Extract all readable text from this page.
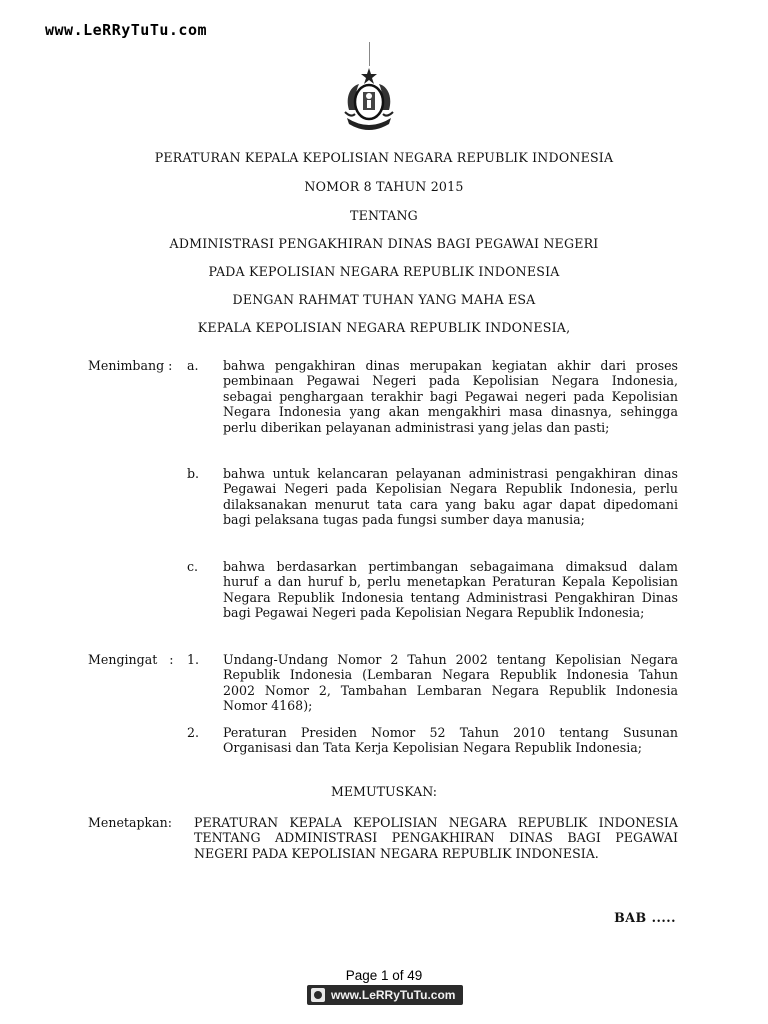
www.LeRRyTuTu.com
PERATURAN KEPALA KEPOLISIAN NEGARA REPUBLIK INDONESIA
NOMOR 8 TAHUN 2015
TENTANG
ADMINISTRASI PENGAKHIRAN DINAS BAGI PEGAWAI NEGERI
PADA KEPOLISIAN NEGARA REPUBLIK INDONESIA
DENGAN RAHMAT TUHAN YANG MAHA ESA
KEPALA KEPOLISIAN NEGARA REPUBLIK INDONESIA,
Menimbang : a. bahwa pengakhiran dinas merupakan kegiatan akhir dari proses pembinaan Pegawai Negeri pada Kepolisian Negara Indonesia, sebagai penghargaan terakhir bagi Pegawai negeri pada Kepolisian Negara Indonesia yang akan mengakhiri masa dinasnya, sehingga perlu diberikan pelayanan administrasi yang jelas dan pasti;
b. bahwa untuk kelancaran pelayanan administrasi pengakhiran dinas Pegawai Negeri pada Kepolisian Negara Republik Indonesia, perlu dilaksanakan menurut tata cara yang baku agar dapat dipedomani bagi pelaksana tugas pada fungsi sumber daya manusia;
c. bahwa berdasarkan pertimbangan sebagaimana dimaksud dalam huruf a dan huruf b, perlu menetapkan Peraturan Kepala Kepolisian Negara Republik Indonesia tentang Administrasi Pengakhiran Dinas bagi Pegawai Negeri pada Kepolisian Negara Republik Indonesia;
Mengingat   : 1. Undang-Undang Nomor 2 Tahun 2002 tentang Kepolisian Negara Republik Indonesia (Lembaran Negara Republik Indonesia Tahun 2002 Nomor 2, Tambahan Lembaran Negara Republik Indonesia Nomor 4168);
2. Peraturan Presiden Nomor 52 Tahun 2010 tentang Susunan Organisasi dan Tata Kerja Kepolisian Negara Republik Indonesia;
MEMUTUSKAN:
Menetapkan: PERATURAN KEPALA KEPOLISIAN NEGARA REPUBLIK INDONESIA TENTANG ADMINISTRASI PENGAKHIRAN DINAS BAGI PEGAWAI NEGERI PADA KEPOLISIAN NEGARA REPUBLIK INDONESIA.
BAB .....
Page 1 of 49
www.LeRRyTuTu.com
